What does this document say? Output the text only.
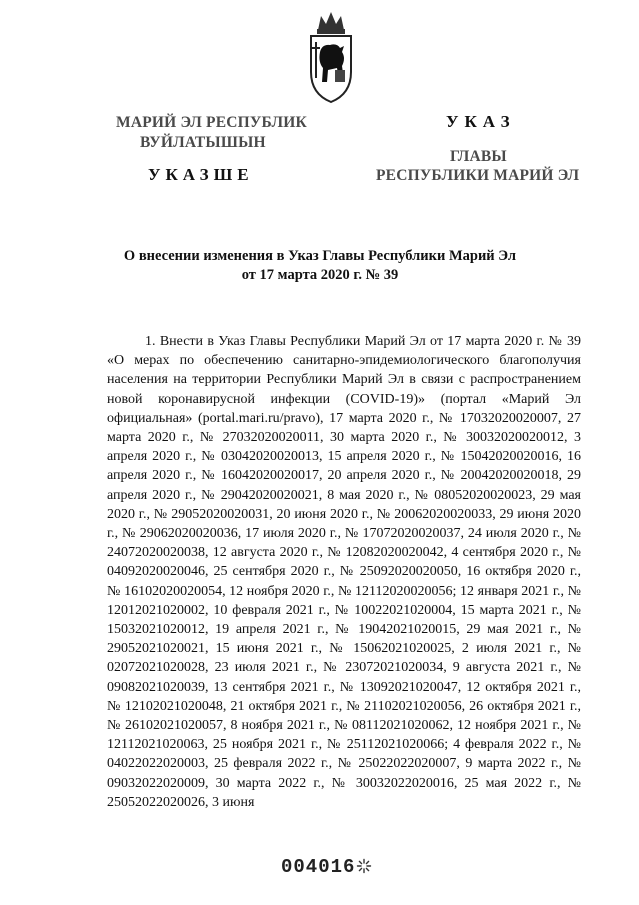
МАРИЙ ЭЛ РЕСПУБЛИК
ВУЙЛАТЫШЫН
УКАЗШЕ
УКАЗ
ГЛАВЫ
РЕСПУБЛИКИ МАРИЙ ЭЛ
О внесении изменения в Указ Главы Республики Марий Эл
от 17 марта 2020 г. № 39

1. Внести в Указ Главы Республики Марий Эл от 17 марта 2020 г. № 39 «О мерах по обеспечению санитарно-эпидемиологического благополучия населения на территории Республики Марий Эл в связи с распространением новой коронавирусной инфекции (COVID-19)» (портал «Марий Эл официальная» (portal.mari.ru/pravo), 17 марта 2020 г., № 17032020020007, 27 марта 2020 г., № 27032020020011, 30 марта 2020 г., № 30032020020012, 3 апреля 2020 г., № 03042020020013, 15 апреля 2020 г., № 15042020020016, 16 апреля 2020 г., № 16042020020017, 20 апреля 2020 г., № 20042020020018, 29 апреля 2020 г., № 29042020020021, 8 мая 2020 г., № 08052020020023, 29 мая 2020 г., № 29052020020031, 20 июня 2020 г., № 20062020020033, 29 июня 2020 г., № 29062020020036, 17 июля 2020 г., № 17072020020037, 24 июля 2020 г., № 24072020020038, 12 августа 2020 г., № 12082020020042, 4 сентября 2020 г., № 04092020020046, 25 сентября 2020 г., № 25092020020050, 16 октября 2020 г., № 16102020020054, 12 ноября 2020 г., № 12112020020056; 12 января 2021 г., № 12012021020002, 10 февраля 2021 г., № 10022021020004, 15 марта 2021 г., № 15032021020012, 19 апреля 2021 г., № 19042021020015, 29 мая 2021 г., № 29052021020021, 15 июня 2021 г., № 15062021020025, 2 июля 2021 г., № 02072021020028, 23 июля 2021 г., № 23072021020034, 9 августа 2021 г., № 09082021020039, 13 сентября 2021 г., № 13092021020047, 12 октября 2021 г., № 12102021020048, 21 октября 2021 г., № 21102021020056, 26 октября 2021 г., № 26102021020057, 8 ноября 2021 г., № 08112021020062, 12 ноября 2021 г., № 12112021020063, 25 ноября 2021 г., № 25112021020066; 4 февраля 2022 г., № 04022022020003, 25 февраля 2022 г., № 25022022020007, 9 марта 2022 г., № 09032022020009, 30 марта 2022 г., № 30032022020016, 25 мая 2022 г., № 25052022020026, 3 июня

004016
